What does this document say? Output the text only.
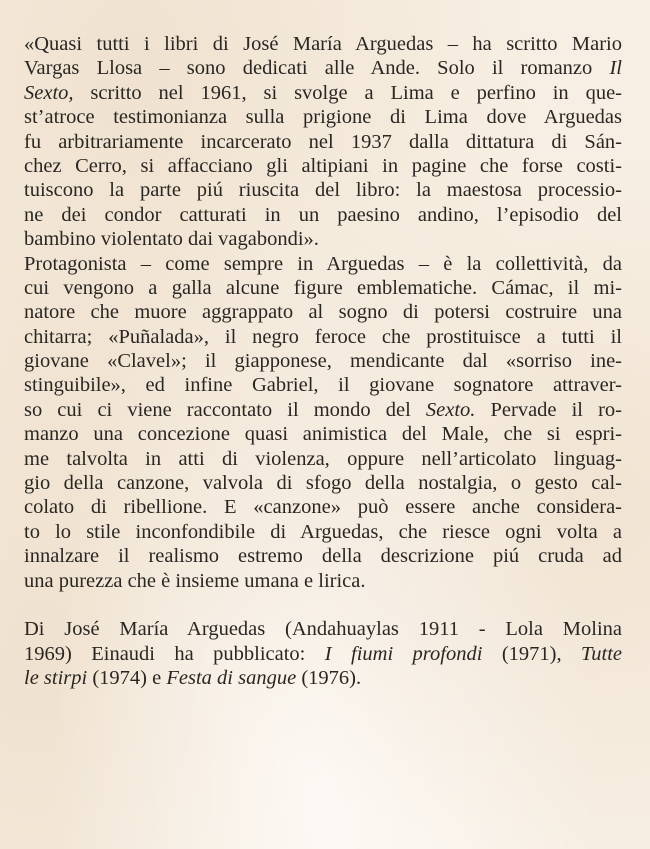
«Quasi tutti i libri di José María Arguedas – ha scritto Mario
Vargas Llosa – sono dedicati alle Ande. Solo il romanzo Il
Sexto, scritto nel 1961, si svolge a Lima e perfino in que-
st’atroce testimonianza sulla prigione di Lima dove Arguedas
fu arbitrariamente incarcerato nel 1937 dalla dittatura di Sán-
chez Cerro, si affacciano gli altipiani in pagine che forse costi-
tuiscono la parte piú riuscita del libro: la maestosa processio-
ne dei condor catturati in un paesino andino, l’episodio del
bambino violentato dai vagabondi».
Protagonista – come sempre in Arguedas – è la collettività, da
cui vengono a galla alcune figure emblematiche. Cámac, il mi-
natore che muore aggrappato al sogno di potersi costruire una
chitarra; «Puñalada», il negro feroce che prostituisce a tutti il
giovane «Clavel»; il giapponese, mendicante dal «sorriso ine-
stinguibile», ed infine Gabriel, il giovane sognatore attraver-
so cui ci viene raccontato il mondo del Sexto. Pervade il ro-
manzo una concezione quasi animistica del Male, che si espri-
me talvolta in atti di violenza, oppure nell’articolato linguag-
gio della canzone, valvola di sfogo della nostalgia, o gesto cal-
colato di ribellione. E «canzone» può essere anche considera-
to lo stile inconfondibile di Arguedas, che riesce ogni volta a
innalzare il realismo estremo della descrizione piú cruda ad
una purezza che è insieme umana e lirica.
Di José María Arguedas (Andahuaylas 1911 - Lola Molina
1969) Einaudi ha pubblicato: I fiumi profondi (1971), Tutte
le stirpi (1974) e Festa di sangue (1976).
